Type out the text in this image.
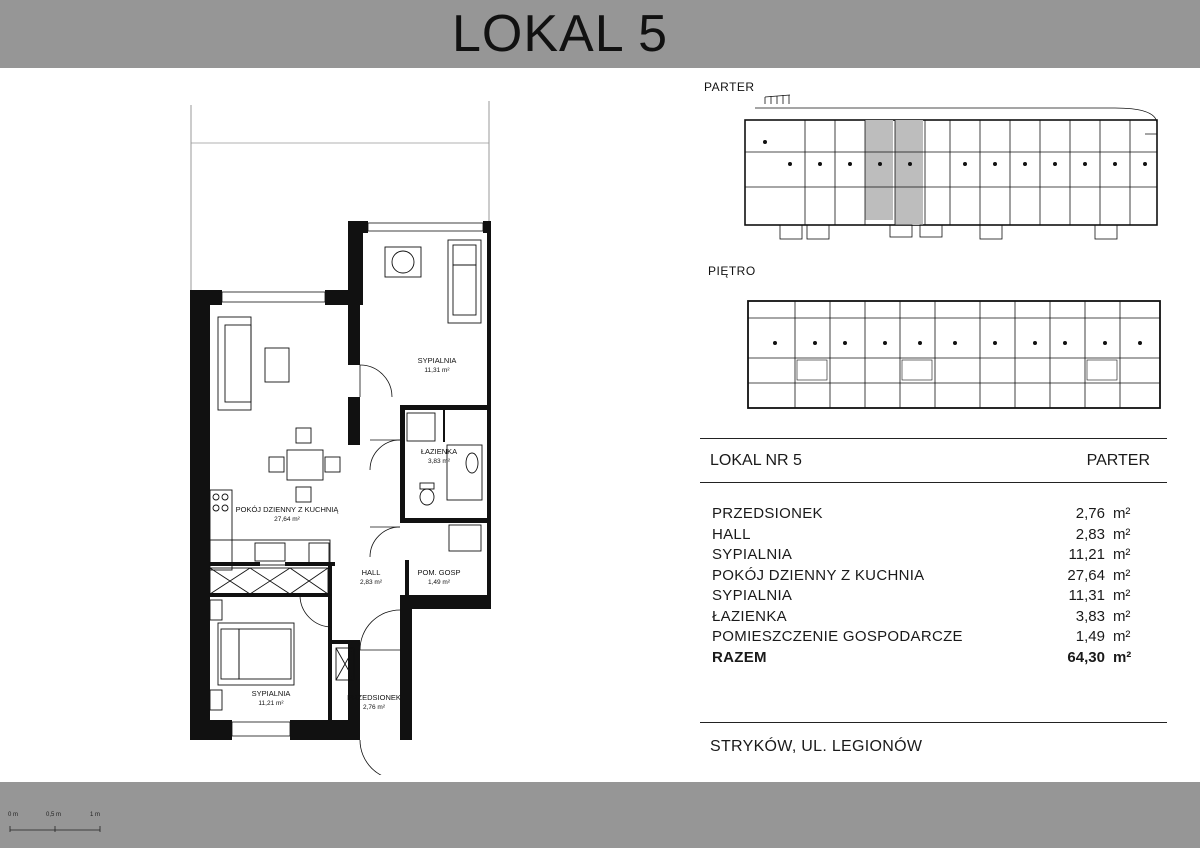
LOKAL 5
SYPIALNIA
11,31 m²
ŁAZIENKA
3,83 m²
POKÓJ DZIENNY Z KUCHNIĄ
27,64 m²
HALL
2,83 m²
POM. GOSP
1,49 m²
SYPIALNIA
11,21 m²
PRZEDSIONEK
2,76 m²
PARTER
PIĘTRO
LOKAL NR 5	PARTER
PRZEDSIONEK	2,76	m²
HALL	2,83	m²
SYPIALNIA	11,21	m²
POKÓJ DZIENNY Z KUCHNIA	27,64	m²
SYPIALNIA	11,31	m²
ŁAZIENKA	3,83	m²
POMIESZCZENIE GOSPODARCZE	1,49	m²
RAZEM	64,30	m²
STRYKÓW, UL. LEGIONÓW
0 m	0,5 m	1 m
